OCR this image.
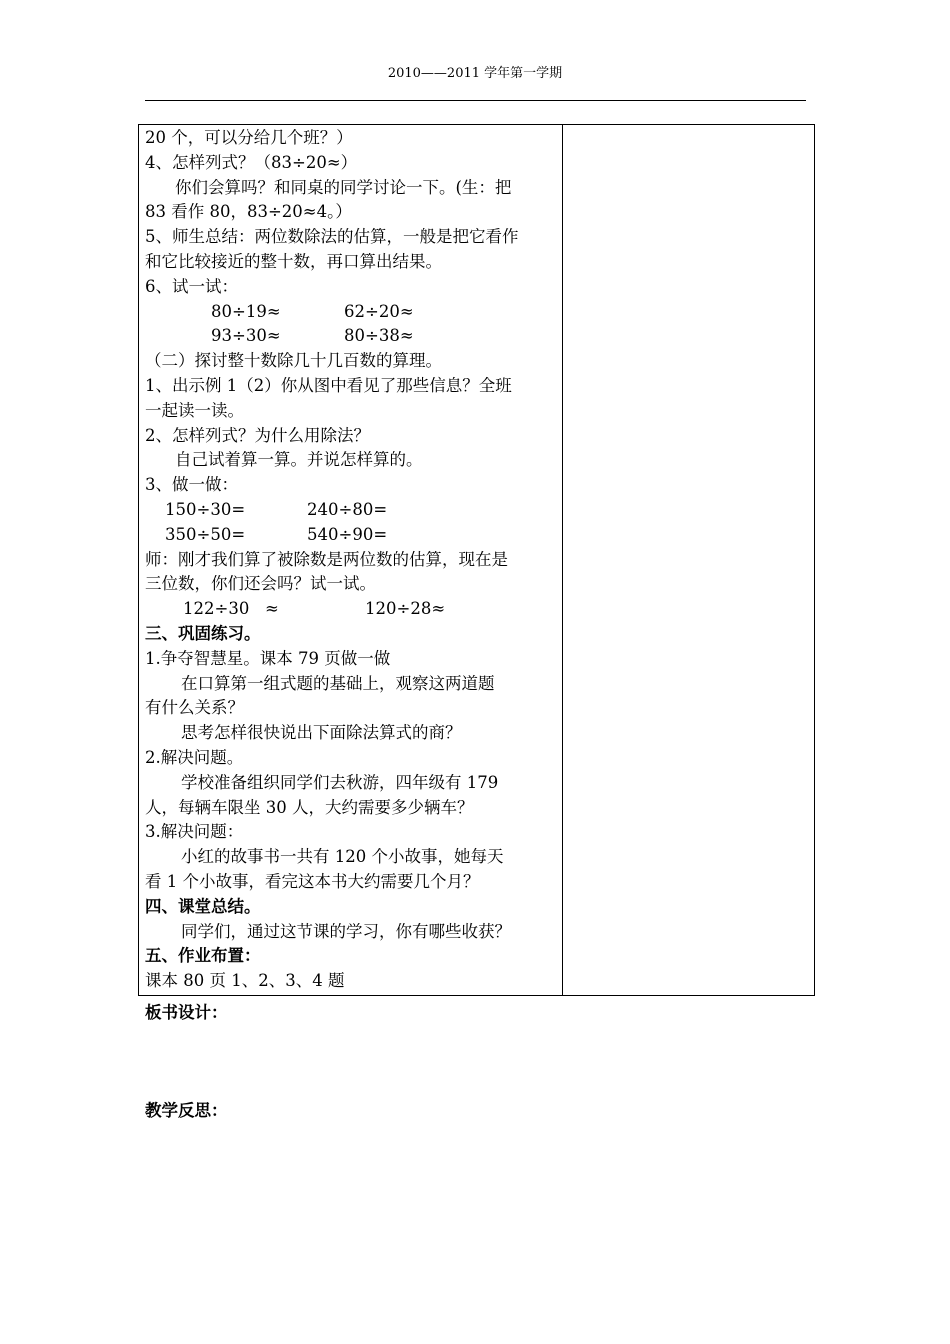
2010——2011 学年第一学期
20 个，可以分给几个班？）
4、怎样列式？（83÷20≈）
你们会算吗？和同桌的同学讨论一下。(生：把
83 看作 80，83÷20≈4。）
5、师生总结：两位数除法的估算，一般是把它看作
和它比较接近的整十数，再口算出结果。
6、试一试：
80÷19≈	62÷20≈
93÷30≈	80÷38≈
（二）探讨整十数除几十几百数的算理。
1、出示例 1（2）你从图中看见了那些信息？全班
一起读一读。
2、怎样列式？为什么用除法？
自己试着算一算。并说怎样算的。
3、做一做：
150÷30=	240÷80=
350÷50=	540÷90=
师：刚才我们算了被除数是两位数的估算，现在是
三位数，你们还会吗？试一试。
122÷30   ≈	120÷28≈
三、巩固练习。
1.争夺智慧星。课本 79 页做一做
在口算第一组式题的基础上，观察这两道题
有什么关系？
思考怎样很快说出下面除法算式的商？
2.解决问题。
学校准备组织同学们去秋游，四年级有 179
人，每辆车限坐 30 人，大约需要多少辆车？
3.解决问题：
小红的故事书一共有 120 个小故事，她每天
看 1 个小故事，看完这本书大约需要几个月？
四、课堂总结。
同学们，通过这节课的学习，你有哪些收获？
五、作业布置：
课本 80 页 1、2、3、4 题
板书设计：
教学反思：
